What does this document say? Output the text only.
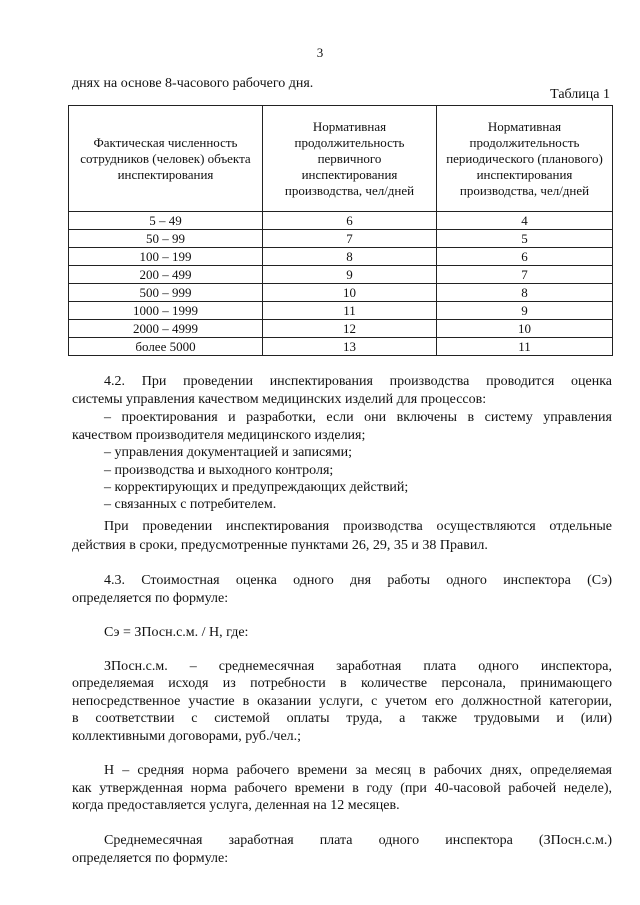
3
днях на основе 8-часового рабочего дня.
Таблица 1
Фактическая численность сотрудников (человек) объекта инспектирования	Нормативная продолжительность первичного инспектирования производства, чел/дней	Нормативная продолжительность периодического (планового) инспектирования производства, чел/дней
5 – 49	6	4
50 – 99	7	5
100 – 199	8	6
200 – 499	9	7
500 – 999	10	8
1000 – 1999	11	9
2000 – 4999	12	10
более 5000	13	11
4.2. При проведении инспектирования производства проводится оценка
системы управления качеством медицинских изделий для процессов:
– проектирования и разработки, если они включены в систему управления
качеством производителя медицинского изделия;
– управления документацией и записями;
– производства и выходного контроля;
– корректирующих и предупреждающих действий;
– связанных с потребителем.
При проведении инспектирования производства осуществляются отдельные
действия в сроки, предусмотренные пунктами 26, 29, 35 и 38 Правил.
4.3. Стоимостная оценка одного дня работы одного инспектора (Сэ)
определяется по формуле:
Сэ = ЗПосн.с.м. / Н, где:
ЗПосн.с.м. – среднемесячная заработная плата одного инспектора,
определяемая исходя из потребности в количестве персонала, принимающего
непосредственное участие в оказании услуги, с учетом его должностной категории,
в соответствии с системой оплаты труда, а также трудовыми и (или)
коллективными договорами, руб./чел.;
Н – средняя норма рабочего времени за месяц в рабочих днях, определяемая
как утвержденная норма рабочего времени в году (при 40-часовой рабочей неделе),
когда предоставляется услуга, деленная на 12 месяцев.
Среднемесячная заработная плата одного инспектора (ЗПосн.с.м.)
определяется по формуле:
